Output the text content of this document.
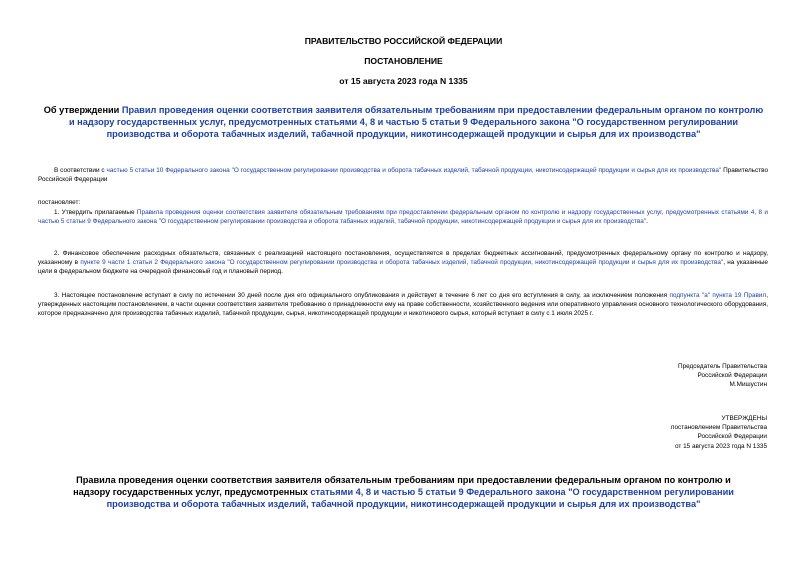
ПРАВИТЕЛЬСТВО РОССИЙСКОЙ ФЕДЕРАЦИИ
ПОСТАНОВЛЕНИЕ
от 15 августа 2023 года N 1335
Об утверждении Правил проведения оценки соответствия заявителя обязательным требованиям при предоставлении федеральным органом по контролю и надзору государственных услуг, предусмотренных статьями 4, 8 и частью 5 статьи 9 Федерального закона "О государственном регулировании производства и оборота табачных изделий, табачной продукции, никотинсодержащей продукции и сырья для их производства"
В соответствии с частью 5 статьи 10 Федерального закона "О государственном регулировании производства и оборота табачных изделий, табачной продукции, никотинсодержащей продукции и сырья для их производства" Правительство Российской Федерации
постановляет:
1. Утвердить прилагаемые Правила проведения оценки соответствия заявителя обязательным требованиям при предоставлении федеральным органом по контролю и надзору государственных услуг, предусмотренных статьями 4, 8 и частью 5 статьи 9 Федерального закона "О государственном регулировании производства и оборота табачных изделий, табачной продукции, никотинсодержащей продукции и сырья для их производства".
2. Финансовое обеспечение расходных обязательств, связанных с реализацией настоящего постановления, осуществляется в пределах бюджетных ассигнований, предусмотренных федеральному органу по контролю и надзору, указанному в пункте 9 части 1 статьи 2 Федерального закона "О государственном регулировании производства и оборота табачных изделий, табачной продукции, никотинсодержащей продукции и сырья для их производства", на указанные цели в федеральном бюджете на очередной финансовый год и плановый период.
3. Настоящее постановление вступает в силу по истечении 30 дней после дня его официального опубликования и действует в течение 6 лет со дня его вступления в силу, за исключением положения подпункта "а" пункта 19 Правил, утвержденных настоящим постановлением, в части оценки соответствия заявителя требованию о принадлежности ему на праве собственности, хозяйственного ведения или оперативного управления основного технологического оборудования, которое предназначено для производства табачных изделий, табачной продукции, сырья, никотинсодержащей продукции и никотинового сырья, который вступает в силу с 1 июля 2025 г.
Председатель Правительства
Российской Федерации
М.Мишустин
УТВЕРЖДЕНЫ
постановлением Правительства
Российской Федерации
от 15 августа 2023 года N 1335
Правила проведения оценки соответствия заявителя обязательным требованиям при предоставлении федеральным органом по контролю и надзору государственных услуг, предусмотренных статьями 4, 8 и частью 5 статьи 9 Федерального закона "О государственном регулировании производства и оборота табачных изделий, табачной продукции, никотинсодержащей продукции и сырья для их производства"
